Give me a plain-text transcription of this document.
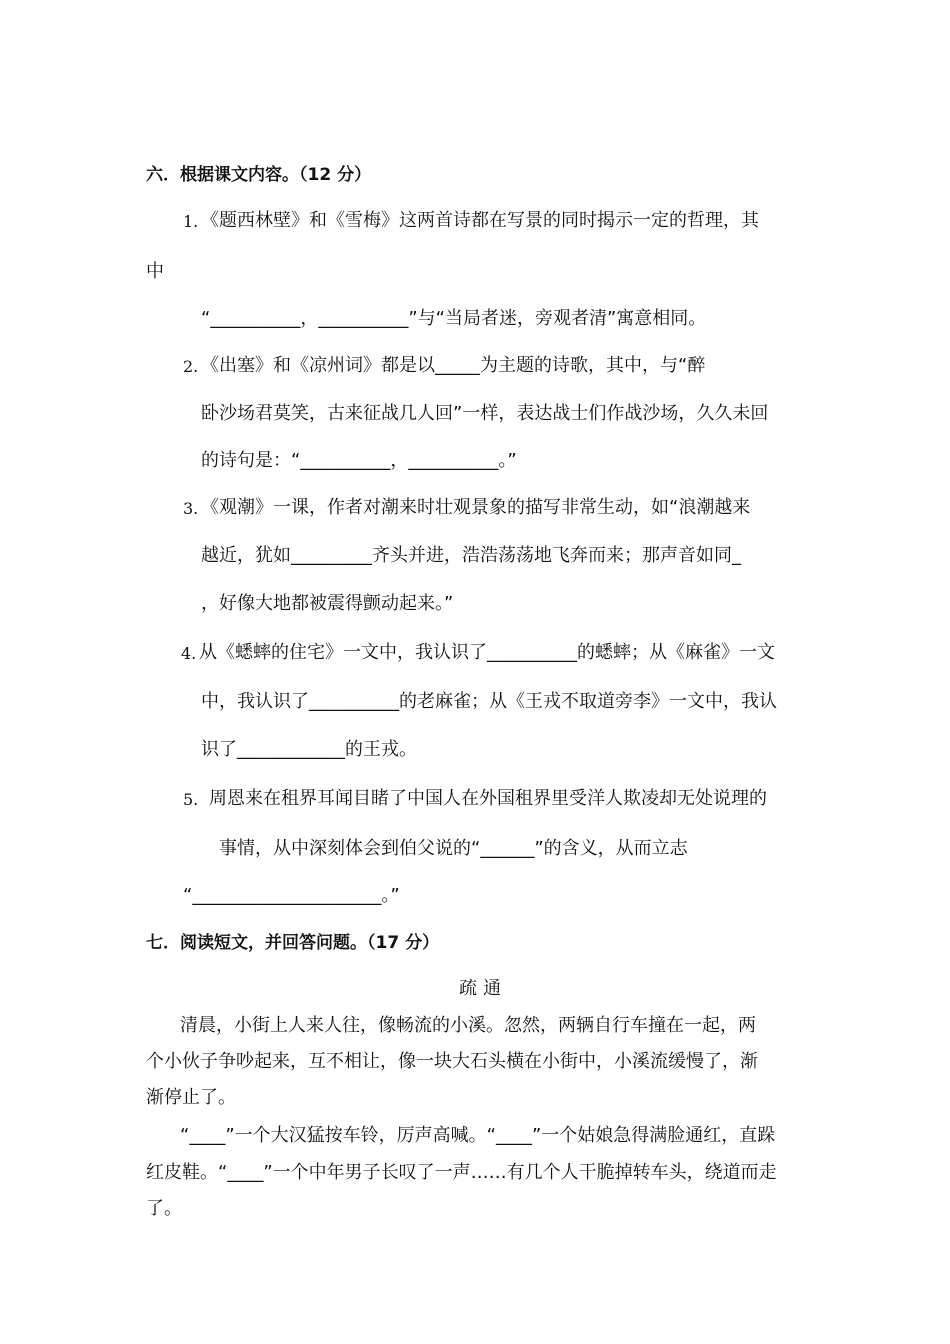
六．根据课文内容。（12 分）
1. 《题西林壁》和《雪梅》这两首诗都在写景的同时揭示一定的哲理，其
中
“__________，__________”与“当局者迷，旁观者清”寓意相同。
2. 《出塞》和《凉州词》都是以_____为主题的诗歌，其中，与“醉
卧沙场君莫笑，古来征战几人回”一样，表达战士们作战沙场，久久未回
的诗句是：“__________，__________。”
3. 《观潮》一课，作者对潮来时壮观景象的描写非常生动，如“浪潮越来
越近，犹如_________齐头并进，浩浩荡荡地飞奔而来；那声音如同_
，好像大地都被震得颤动起来。”
4. 从《蟋蟀的住宅》一文中，我认识了__________的蟋蟀；从《麻雀》一文
中，我认识了__________的老麻雀；从《王戎不取道旁李》一文中，我认
识了____________的王戎。
5. 周恩来在租界耳闻目睹了中国人在外国租界里受洋人欺凌却无处说理的
事情，从中深刻体会到伯父说的“______”的含义，从而立志
“_____________________。”
七．阅读短文，并回答问题。（17 分）
疏通
清晨，小街上人来人往，像畅流的小溪。忽然，两辆自行车撞在一起，两
个小伙子争吵起来，互不相让，像一块大石头横在小街中，小溪流缓慢了，渐
渐停止了。
“____”一个大汉猛按车铃，厉声高喊。“____”一个姑娘急得满脸通红，直跺
红皮鞋。“____”一个中年男子长叹了一声……有几个人干脆掉转车头，绕道而走
了。
